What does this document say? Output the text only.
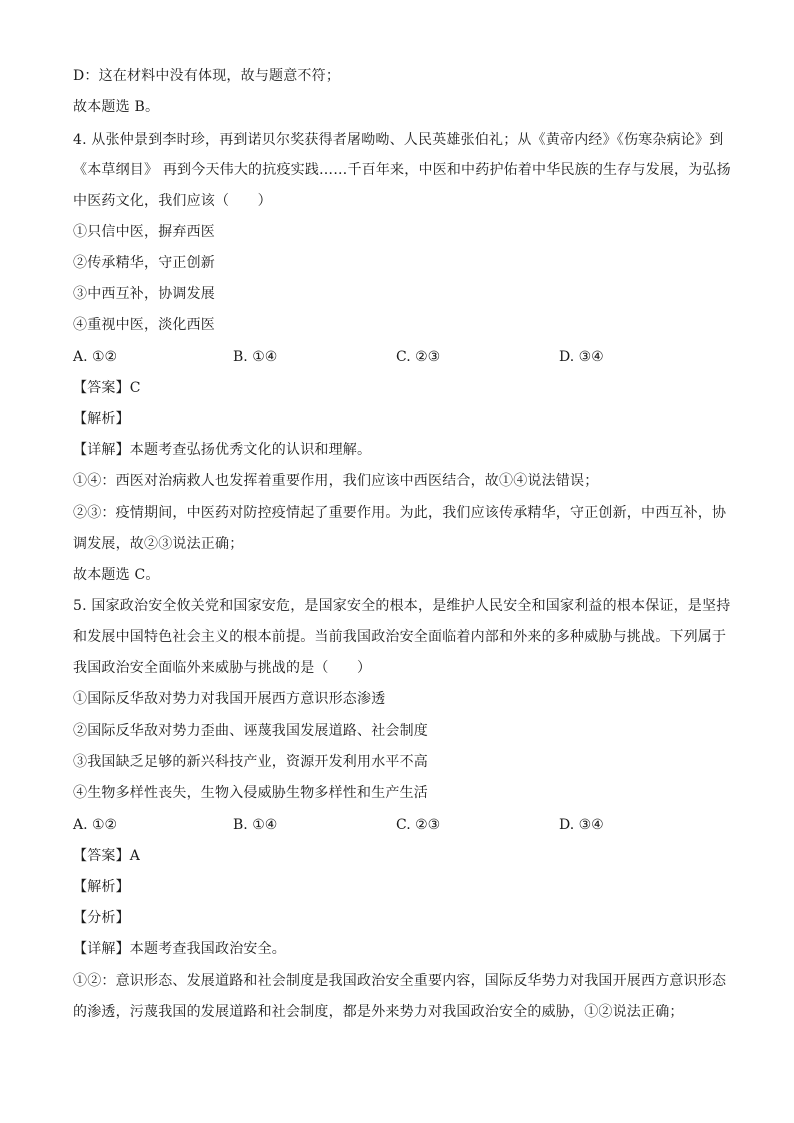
D：这在材料中没有体现，故与题意不符；
故本题选 B。
4. 从张仲景到李时珍，再到诺贝尔奖获得者屠呦呦、人民英雄张伯礼；从《黄帝内经》《伤寒杂病论》到
《本草纲目》 再到今天伟大的抗疫实践……千百年来，中医和中药护佑着中华民族的生存与发展，为弘扬
中医药文化，我们应该（　　）
①只信中医，摒弃西医
②传承精华，守正创新
③中西互补，协调发展
④重视中医，淡化西医
A. ①②	B. ①④	C. ②③	D. ③④
【答案】C
【解析】
【详解】本题考查弘扬优秀文化的认识和理解。
①④：西医对治病救人也发挥着重要作用，我们应该中西医结合，故①④说法错误；
②③：疫情期间，中医药对防控疫情起了重要作用。为此，我们应该传承精华，守正创新，中西互补，协
调发展，故②③说法正确；
故本题选 C。
5. 国家政治安全攸关党和国家安危，是国家安全的根本，是维护人民安全和国家利益的根本保证，是坚持
和发展中国特色社会主义的根本前提。当前我国政治安全面临着内部和外来的多种威胁与挑战。下列属于
我国政治安全面临外来威胁与挑战的是（　　）
①国际反华敌对势力对我国开展西方意识形态渗透
②国际反华敌对势力歪曲、诬蔑我国发展道路、社会制度
③我国缺乏足够的新兴科技产业，资源开发利用水平不高
④生物多样性丧失，生物入侵威胁生物多样性和生产生活
A. ①②	B. ①④	C. ②③	D. ③④
【答案】A
【解析】
【分析】
【详解】本题考查我国政治安全。
①②：意识形态、发展道路和社会制度是我国政治安全重要内容，国际反华势力对我国开展西方意识形态
的渗透，污蔑我国的发展道路和社会制度，都是外来势力对我国政治安全的威胁，①②说法正确；
